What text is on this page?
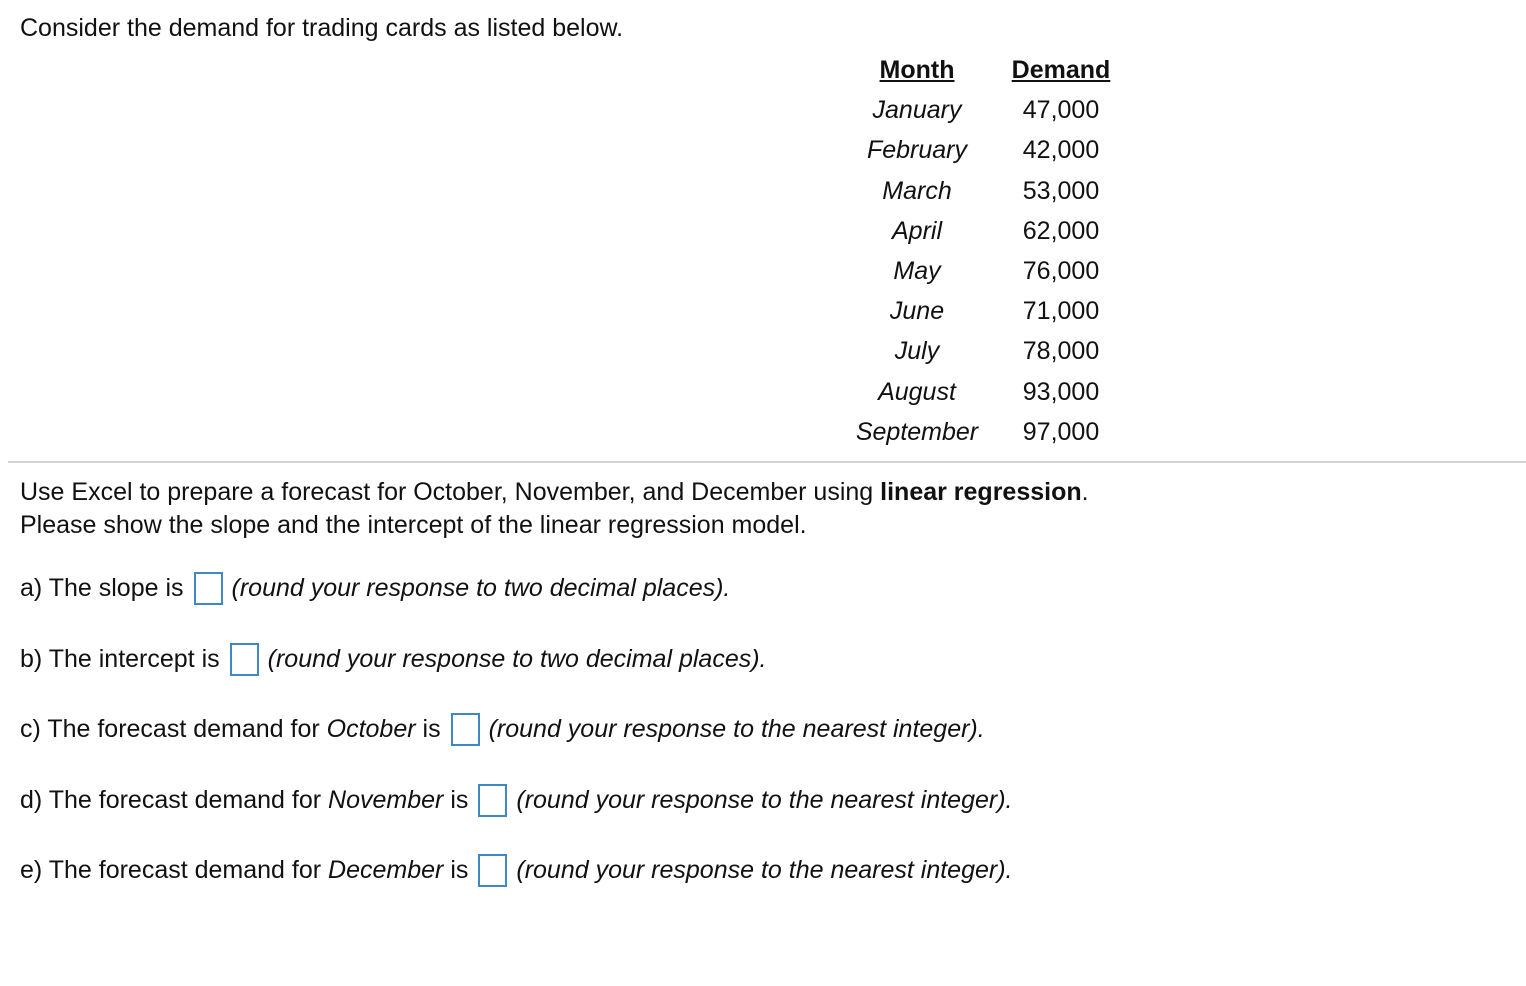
Consider the demand for trading cards as listed below.
Month	Demand
January	47,000
February	42,000
March	53,000
April	62,000
May	76,000
June	71,000
July	78,000
August	93,000
September	97,000
Use Excel to prepare a forecast for October, November, and December using linear regression.
Please show the slope and the intercept of the linear regression model.
a) The slope is (round your response to two decimal places).
b) The intercept is (round your response to two decimal places).
c) The forecast demand for October is (round your response to the nearest integer).
d) The forecast demand for November is (round your response to the nearest integer).
e) The forecast demand for December is (round your response to the nearest integer).
